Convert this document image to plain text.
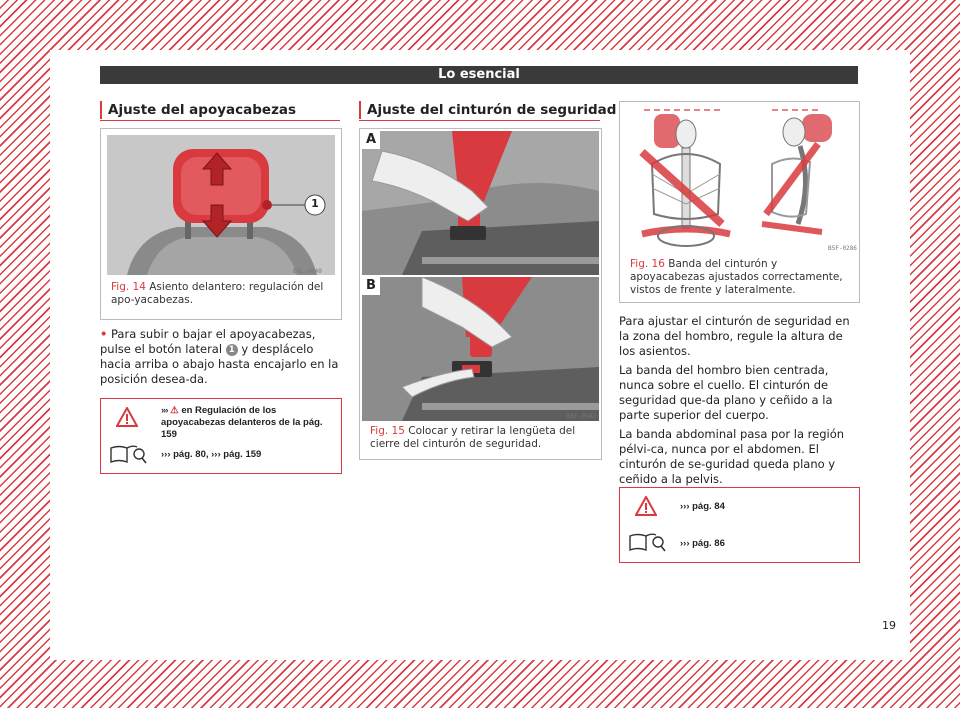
Lo esencial
Ajuste del apoyacabezas
1
BXL-0040
Fig. 14 Asiento delantero: regulación del apo-yacabezas.
• Para subir o bajar el apoyacabezas, pulse el botón lateral 1 y desplácelo hacia arriba o abajo hasta encajarlo en la posición desea-da.
››› ⚠ en Regulación de los apoyacabezas delanteros de la pág. 159
››› pág. 80, ››› pág. 159
Ajuste del cinturón de seguridad
A
B
B5F-0542
Fig. 15 Colocar y retirar la lengüeta del cierre del cinturón de seguridad.
B5F-0286
Fig. 16 Banda del cinturón y apoyacabezas ajustados correctamente, vistos de frente y lateralmente.

Para ajustar el cinturón de seguridad en la zona del hombro, regule la altura de los asientos.

La banda del hombro bien centrada, nunca sobre el cuello. El cinturón de seguridad que-da plano y ceñido a la parte superior del cuerpo.

La banda abdominal pasa por la región pélvi-ca, nunca por el abdomen. El cinturón de se-guridad queda plano y ceñido a la pelvis.

››› pág. 84
››› pág. 86
19
